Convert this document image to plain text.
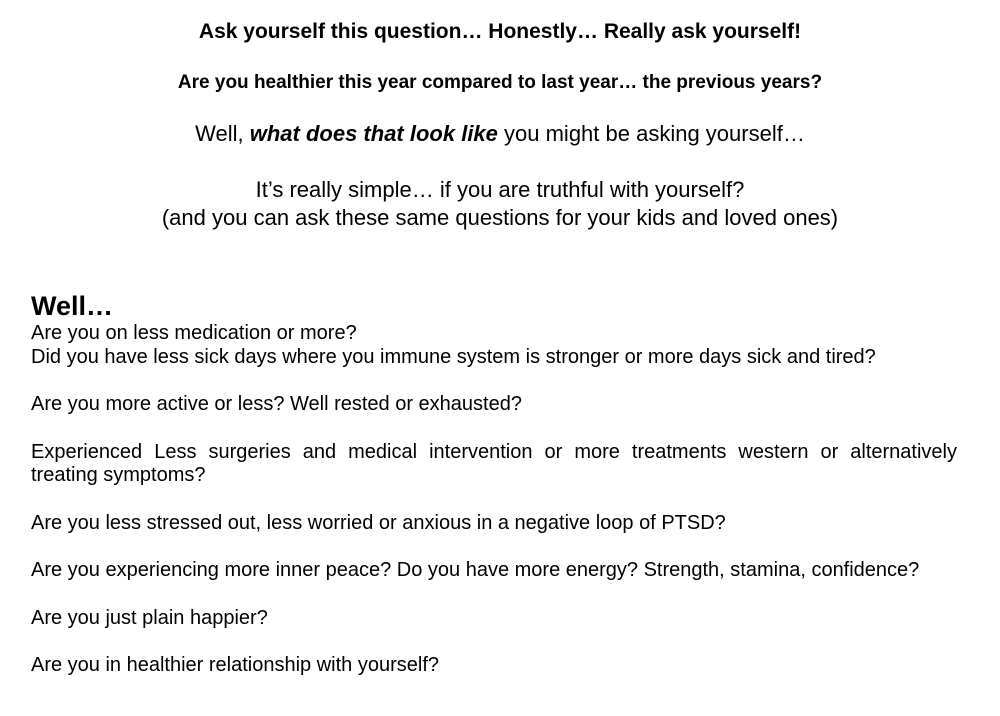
Ask yourself this question… Honestly… Really ask yourself!
Are you healthier this year compared to last year… the previous years?
Well, what does that look like you might be asking yourself…
It’s really simple… if you are truthful with yourself?
(and you can ask these same questions for your kids and loved ones)

Well…

Are you on less medication or more?

Did you have less sick days where you immune system is stronger or more days sick and tired?

Are you more active or less? Well rested or exhausted?

Experienced Less surgeries and medical intervention or more treatments western or alternatively treating symptoms?

Are you less stressed out, less worried or anxious in a negative loop of PTSD?

Are you experiencing more inner peace? Do you have more energy? Strength, stamina, confidence?

Are you just plain happier?

Are you in healthier relationship with yourself?
